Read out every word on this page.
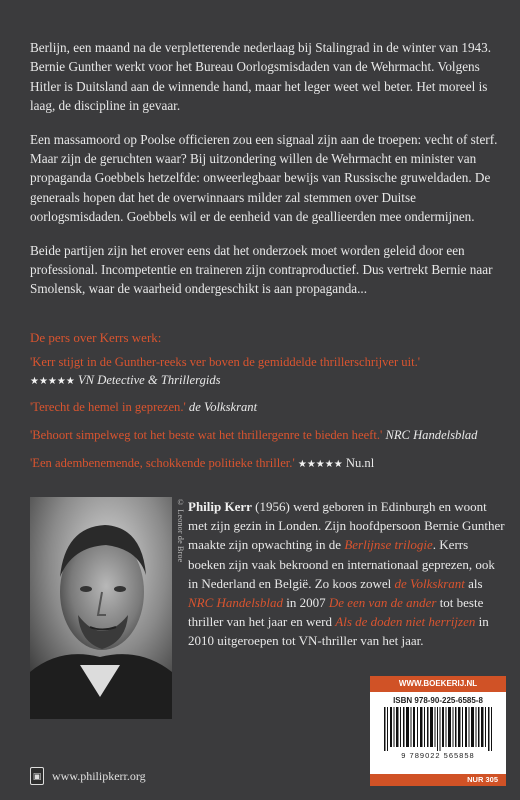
Berlijn, een maand na de verpletterende nederlaag bij Stalingrad in de winter van 1943. Bernie Gunther werkt voor het Bureau Oorlogsmisdaden van de Wehrmacht. Volgens Hitler is Duitsland aan de winnende hand, maar het leger weet wel beter. Het moreel is laag, de discipline in gevaar.

Een massamoord op Poolse officieren zou een signaal zijn aan de troepen: vecht of sterf. Maar zijn de geruchten waar? Bij uitzondering willen de Wehrmacht en minister van propaganda Goebbels hetzelfde: onweerlegbaar bewijs van Russische gruweldaden. De generaals hopen dat het de overwinnaars milder zal stemmen over Duitse oorlogsmisdaden. Goebbels wil er de eenheid van de geallieerden mee ondermijnen.

Beide partijen zijn het erover eens dat het onderzoek moet worden geleid door een professional. Incompetentie en traineren zijn contraproductief. Dus vertrekt Bernie naar Smolensk, waar de waarheid ondergeschikt is aan propaganda...

De pers over Kerrs werk:
'Kerr stijgt in de Gunther-reeks ver boven de gemiddelde thrillerschrijver uit.'
★★★★★ VN Detective & Thrillergids
'Terecht de hemel in geprezen.' de Volkskrant
'Behoort simpelweg tot het beste wat het thrillergenre te bieden heeft.' NRC Handelsblad
'Een adembenemende, schokkende politieke thriller.' ★★★★★ Nu.nl
© Leonor de Broe Philip Kerr (1956) werd geboren in Edinburgh en woont met zijn gezin in Londen. Zijn hoofdpersoon Bernie Gunther maakte zijn opwachting in de Berlijnse trilogie. Kerrs boeken zijn vaak bekroond en internationaal geprezen, ook in Nederland en België. Zo koos zowel de Volkskrant als NRC Handelsblad in 2007 De een van de ander tot beste thriller van het jaar en werd Als de doden niet herrijzen in 2010 uitgeroepen tot VN-thriller van het jaar.
WWW.BOEKERIJ.NL
ISBN 978-90-225-6585-8
9 789022 565858
NUR 305
▣ www.philipkerr.org
